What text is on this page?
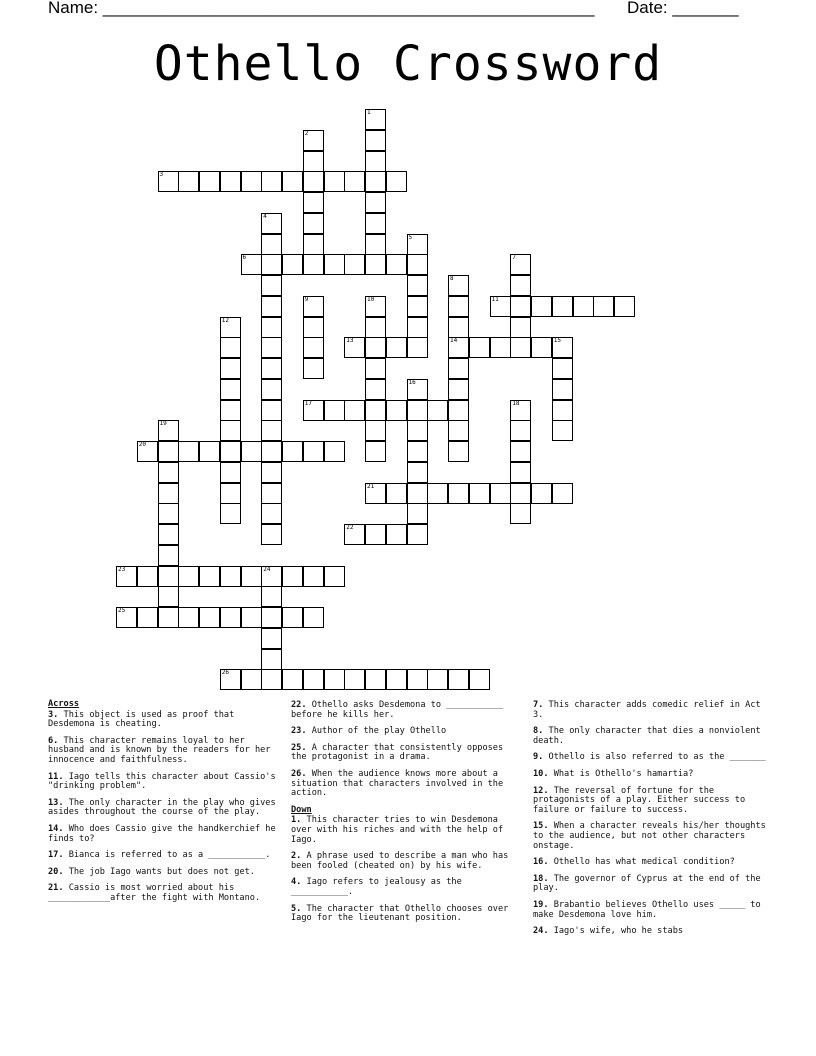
Name: ____________________________________________________ Date: _______
Othello Crossword
1
2
3
4
5
6	7
8
14
9	10	11
12
13	15
16
17	18
19
20
21
22
23	24
25
26
Across
3. This object is used as proof that Desdemona is cheating.
6. This character remains loyal to her husband and is known by the readers for her innocence and faithfulness.
11. Iago tells this character about Cassio's "drinking problem".
13. The only character in the play who gives asides throughout the course of the play.
14. Who does Cassio give the handkerchief he finds to?
17. Bianca is referred to as a ___________.
20. The job Iago wants but does not get.
21. Cassio is most worried about his ____________after the fight with Montano.
22. Othello asks Desdemona to ___________ before he kills her.
23. Author of the play Othello
25. A character that consistently opposes the protagonist in a drama.
26. When the audience knows more about a situation that characters involved in the action.
Down
1. This character tries to win Desdemona over with his riches and with the help of Iago.
2. A phrase used to describe a man who has been fooled (cheated on) by his wife.
4. Iago refers to jealousy as the ___________.
5. The character that Othello chooses over Iago for the lieutenant position.
7. This character adds comedic relief in Act 3.
8. The only character that dies a nonviolent death.
9. Othello is also referred to as the _______
10. What is Othello's hamartia?
12. The reversal of fortune for the protagonists of a play. Either success to failure or failure to success.
15. When a character reveals his/her thoughts to the audience, but not other characters onstage.
16. Othello has what medical condition?
18. The governor of Cyprus at the end of the play.
19. Brabantio believes Othello uses _____ to make Desdemona love him.
24. Iago's wife, who he stabs
